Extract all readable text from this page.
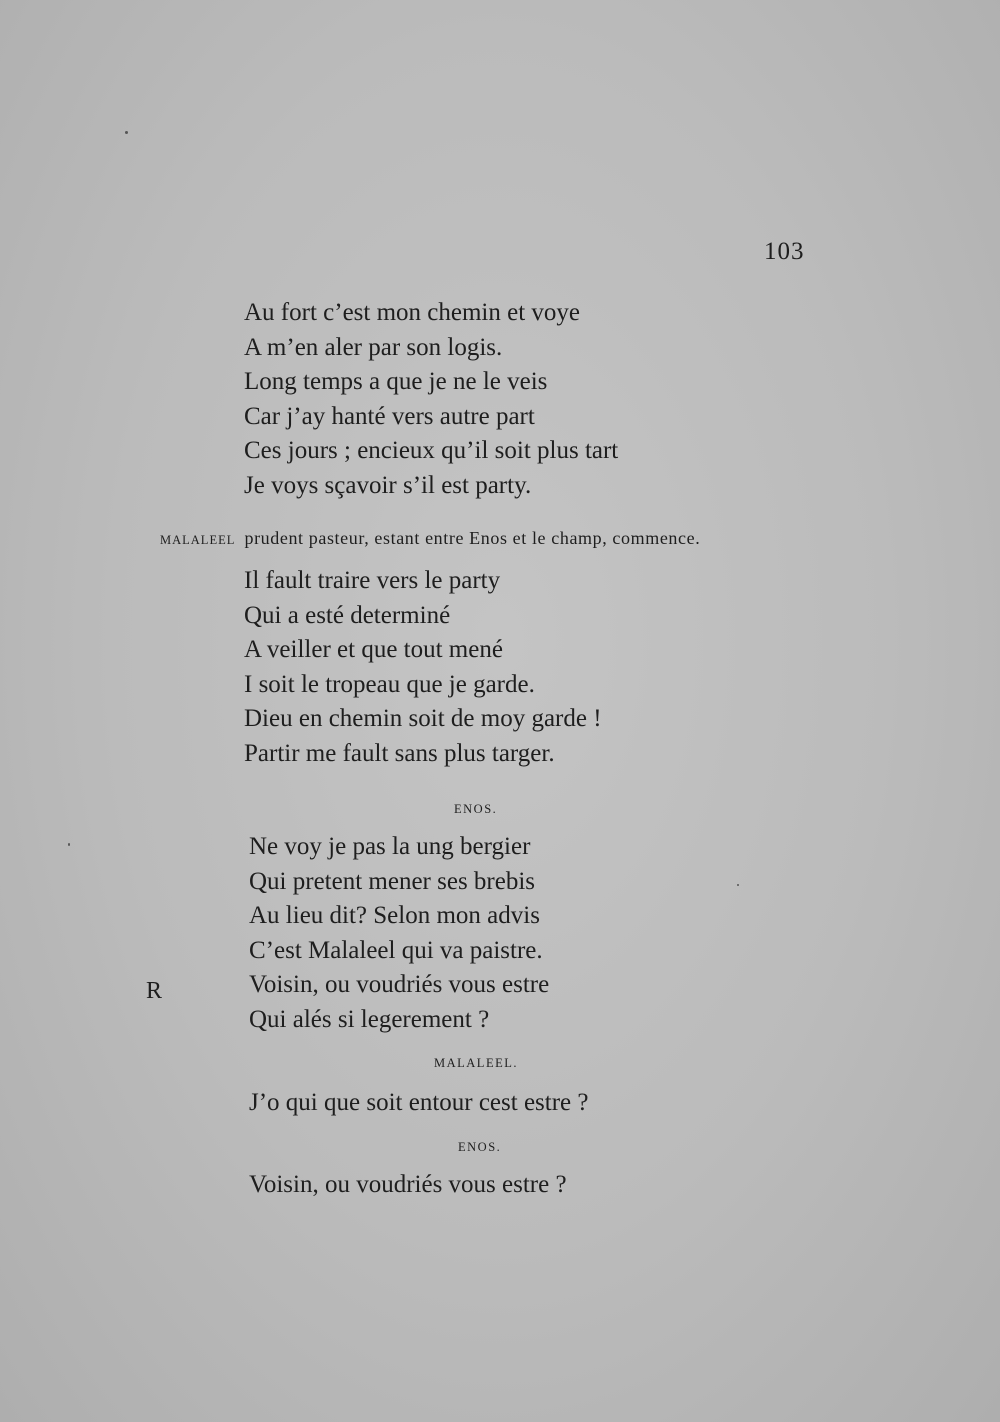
103
Au fort c’est mon chemin et voye
A m’en aler par son logis.
Long temps a que je ne le veis
Car j’ay hanté vers autre part
Ces jours ; encieux qu’il soit plus tart
Je voys sçavoir s’il est party.
MALALEEL prudent pasteur, estant entre Enos et le champ, commence.
Il fault traire vers le party
Qui a esté determiné
A veiller et que tout mené
I soit le tropeau que je garde.
Dieu en chemin soit de moy garde !
Partir me fault sans plus targer.
ENOS.
Ne voy je pas la ung bergier
Qui pretent mener ses brebis
Au lieu dit? Selon mon advis
C’est Malaleel qui va paistre.
Voisin, ou voudriés vous estre
Qui alés si legerement ?
R
MALALEEL.
J’o qui que soit entour cest estre ?
ENOS.
Voisin, ou voudriés vous estre ?
